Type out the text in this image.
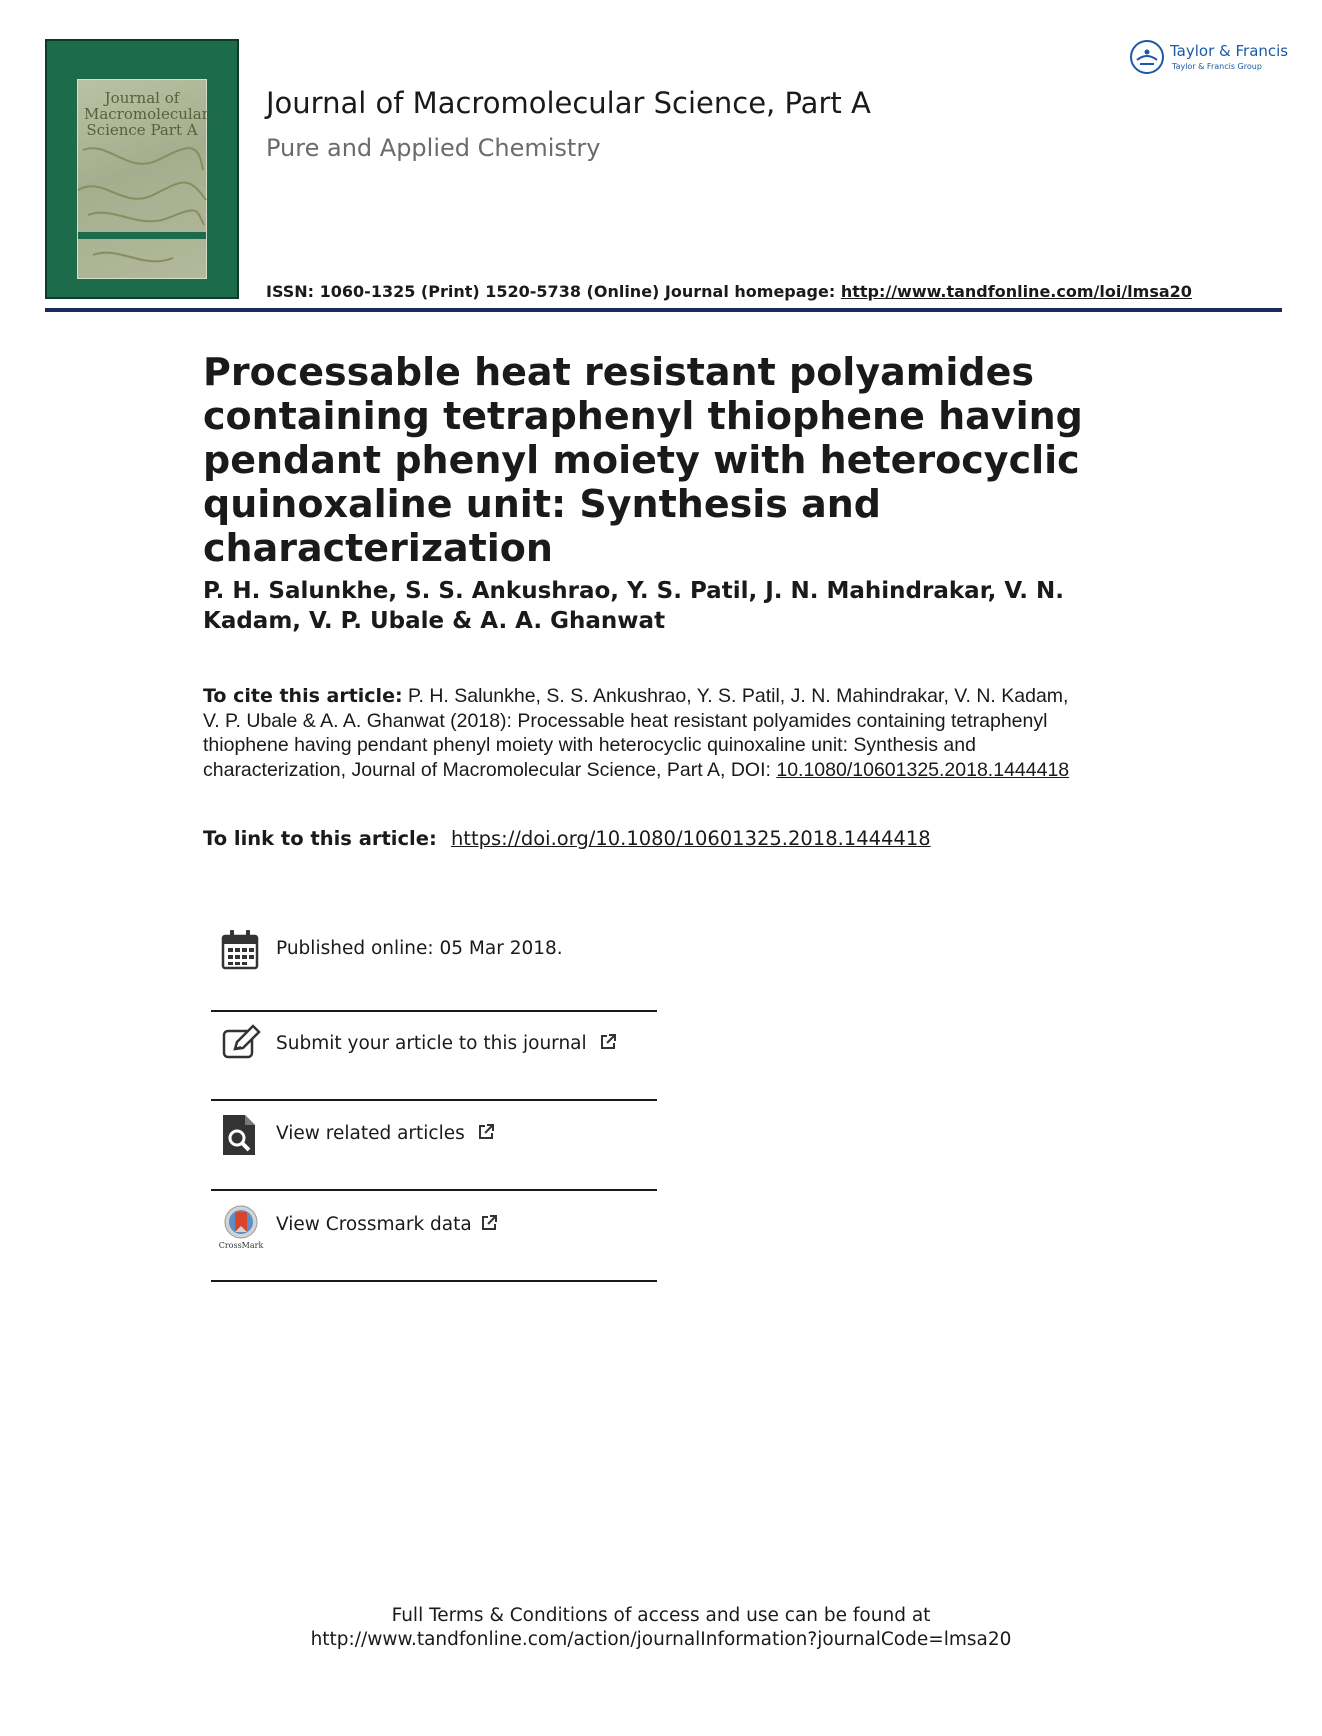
Journal of Macromolecular Science Part A
Journal of Macromolecular Science, Part A
Pure and Applied Chemistry
ISSN: 1060-1325 (Print) 1520-5738 (Online) Journal homepage: http://www.tandfonline.com/loi/lmsa20
Taylor & Francis
Taylor & Francis Group
Processable heat resistant polyamides containing tetraphenyl thiophene having pendant phenyl moiety with heterocyclic quinoxaline unit: Synthesis and characterization
P. H. Salunkhe, S. S. Ankushrao, Y. S. Patil, J. N. Mahindrakar, V. N. Kadam, V. P. Ubale & A. A. Ghanwat
To cite this article: P. H. Salunkhe, S. S. Ankushrao, Y. S. Patil, J. N. Mahindrakar, V. N. Kadam, V. P. Ubale & A. A. Ghanwat (2018): Processable heat resistant polyamides containing tetraphenyl thiophene having pendant phenyl moiety with heterocyclic quinoxaline unit: Synthesis and characterization, Journal of Macromolecular Science, Part A, DOI: 10.1080/10601325.2018.1444418
To link to this article: https://doi.org/10.1080/10601325.2018.1444418
Published online: 05 Mar 2018.
Submit your article to this journal
View related articles
CrossMark
View Crossmark data
Full Terms & Conditions of access and use can be found at
http://www.tandfonline.com/action/journalInformation?journalCode=lmsa20
